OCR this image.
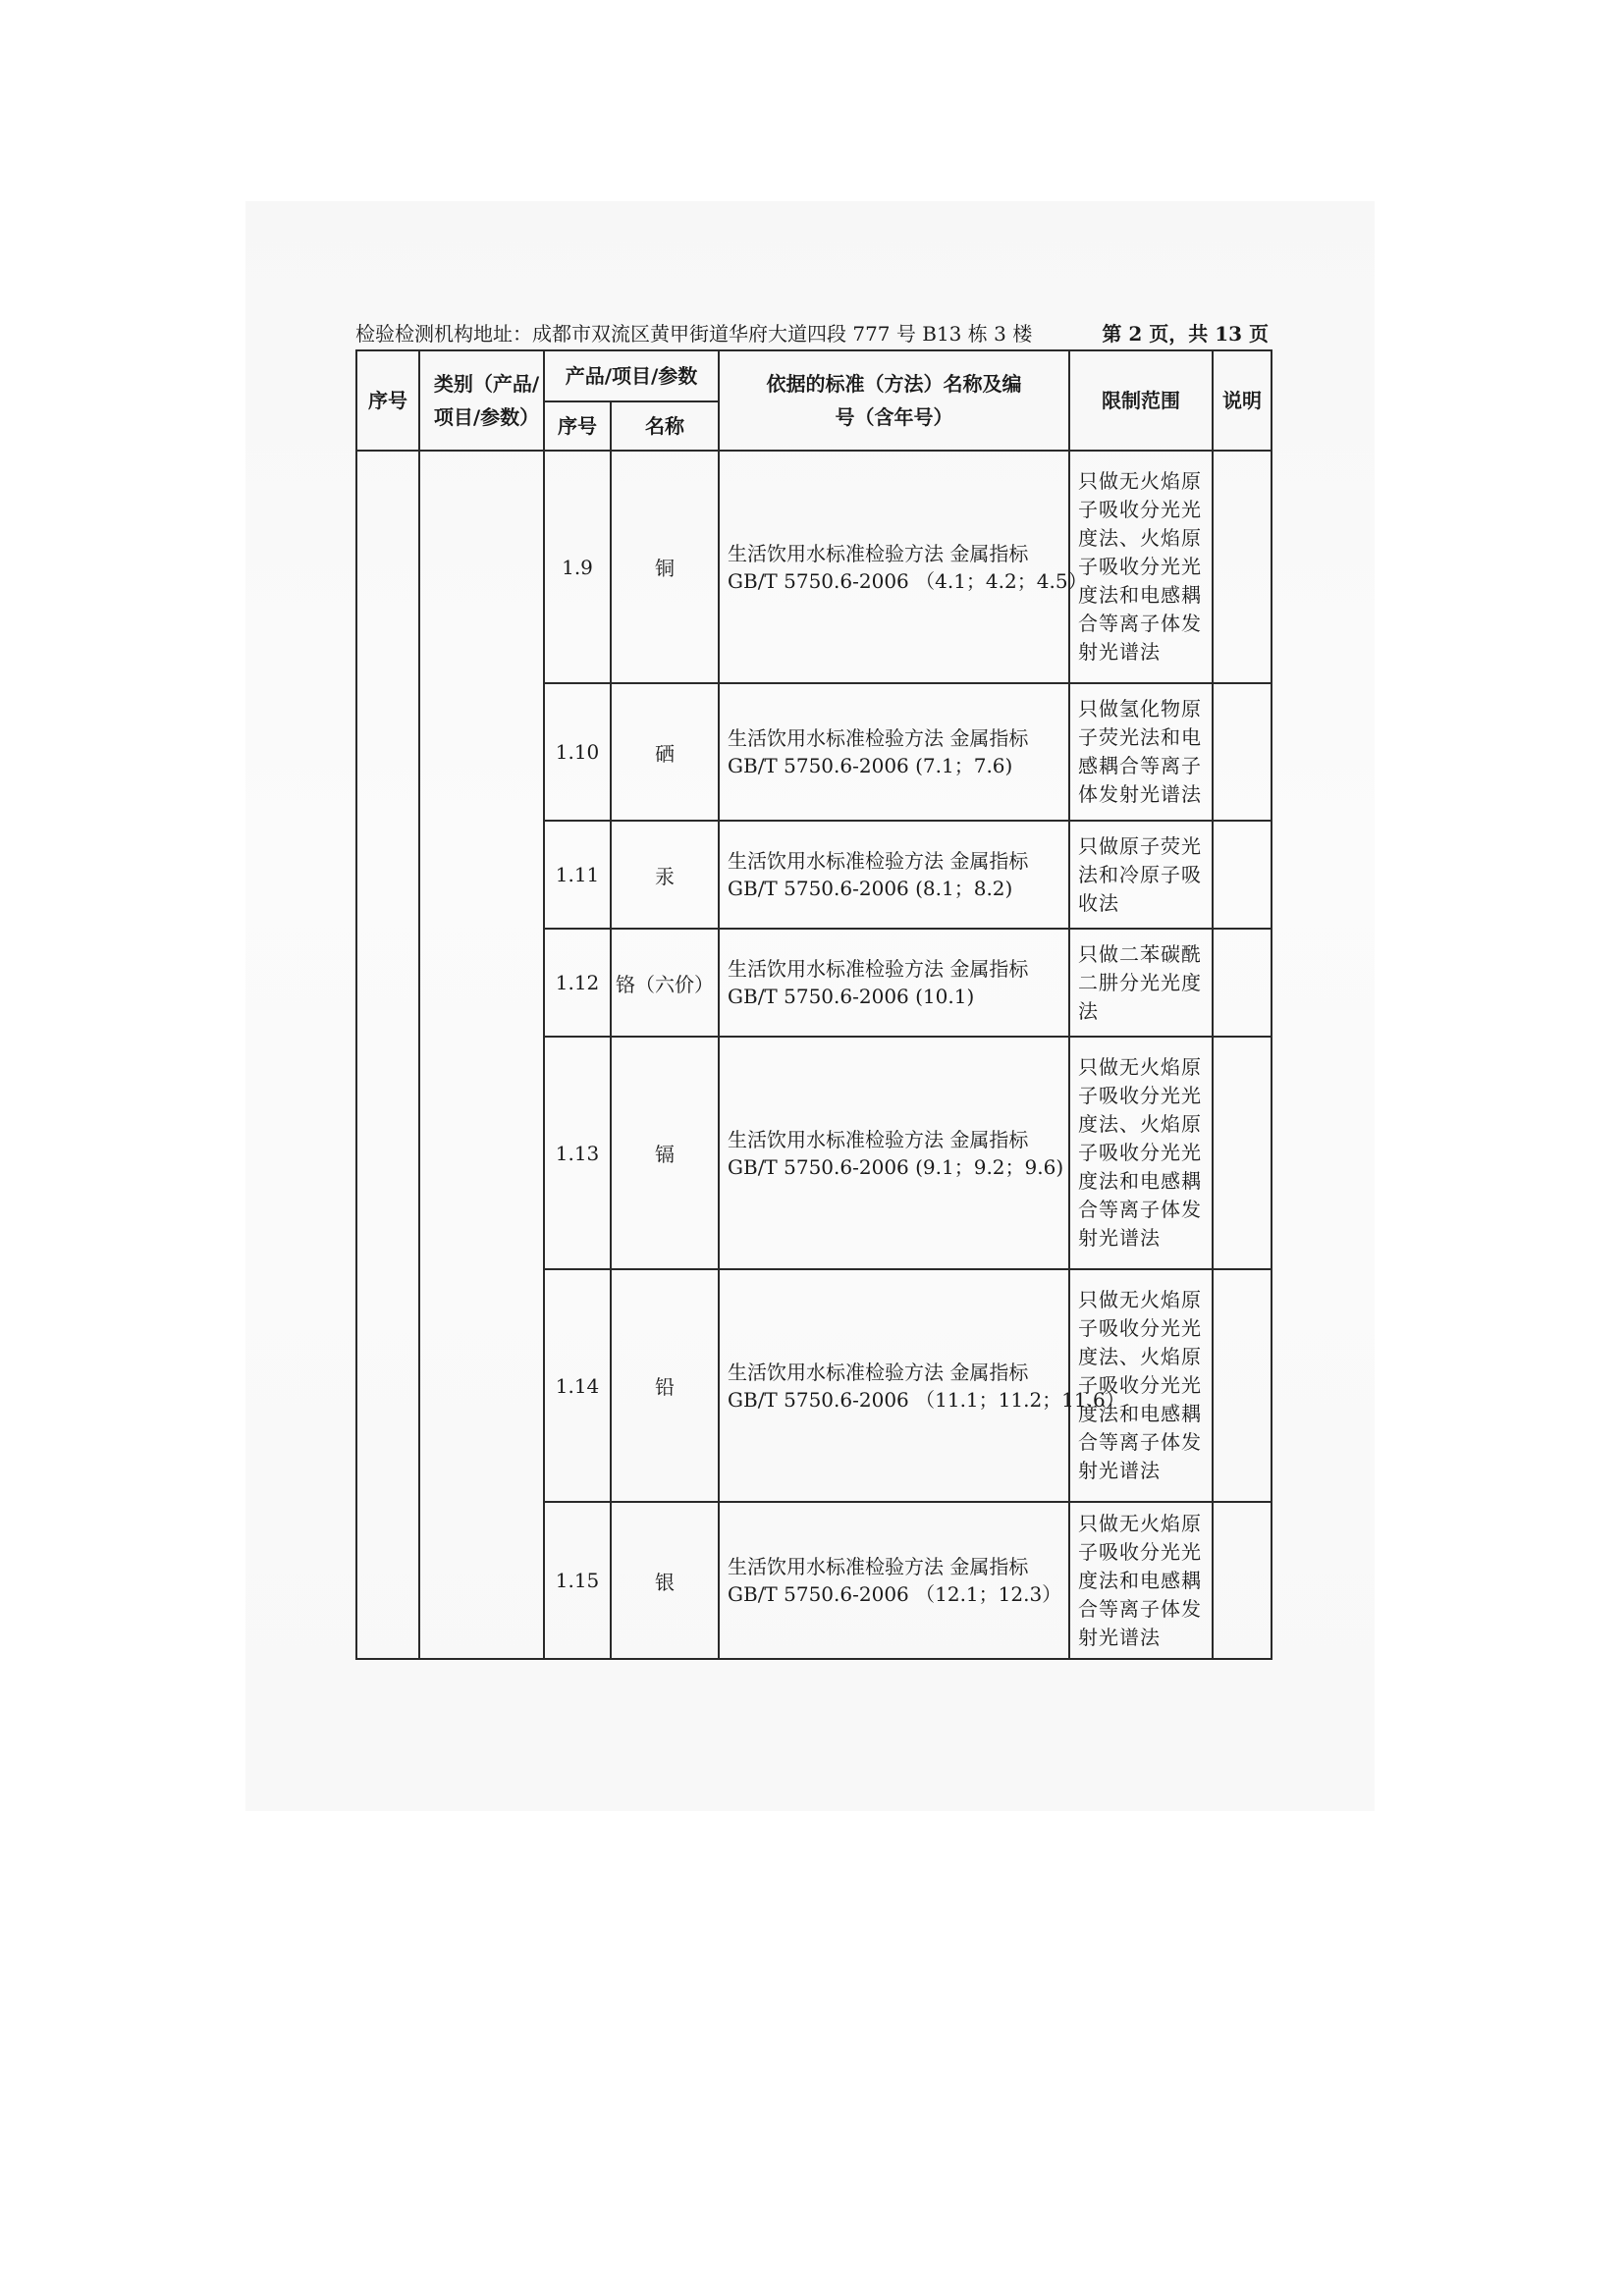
检验检测机构地址：成都市双流区黄甲街道华府大道四段 777 号 B13 栋 3 楼	第 2 页，共 13 页
序号	类别（产品/项目/参数）	产品/项目/参数		依据的标准（方法）名称及编号（含年号）	限制范围	说明
		序号	名称			
		1.9	铜	生活饮用水标准检验方法 金属指标
GB/T 5750.6-2006 （4.1；4.2；4.5）	只做无火焰原子吸收分光光度法、火焰原子吸收分光光度法和电感耦合等离子体发射光谱法	
		1.10	硒	生活饮用水标准检验方法 金属指标
GB/T 5750.6-2006 (7.1；7.6)	只做氢化物原子荧光法和电感耦合等离子体发射光谱法	
		1.11	汞	生活饮用水标准检验方法 金属指标
GB/T 5750.6-2006 (8.1；8.2)	只做原子荧光法和冷原子吸收法	
		1.12	铬（六价）	生活饮用水标准检验方法 金属指标
GB/T 5750.6-2006 (10.1)	只做二苯碳酰二肼分光光度法	
		1.13	镉	生活饮用水标准检验方法 金属指标
GB/T 5750.6-2006 (9.1；9.2；9.6)	只做无火焰原子吸收分光光度法、火焰原子吸收分光光度法和电感耦合等离子体发射光谱法	
		1.14	铅	生活饮用水标准检验方法 金属指标
GB/T 5750.6-2006 （11.1；11.2；11.6）	只做无火焰原子吸收分光光度法、火焰原子吸收分光光度法和电感耦合等离子体发射光谱法	
		1.15	银	生活饮用水标准检验方法 金属指标
GB/T 5750.6-2006 （12.1；12.3）	只做无火焰原子吸收分光光度法和电感耦合等离子体发射光谱法	
